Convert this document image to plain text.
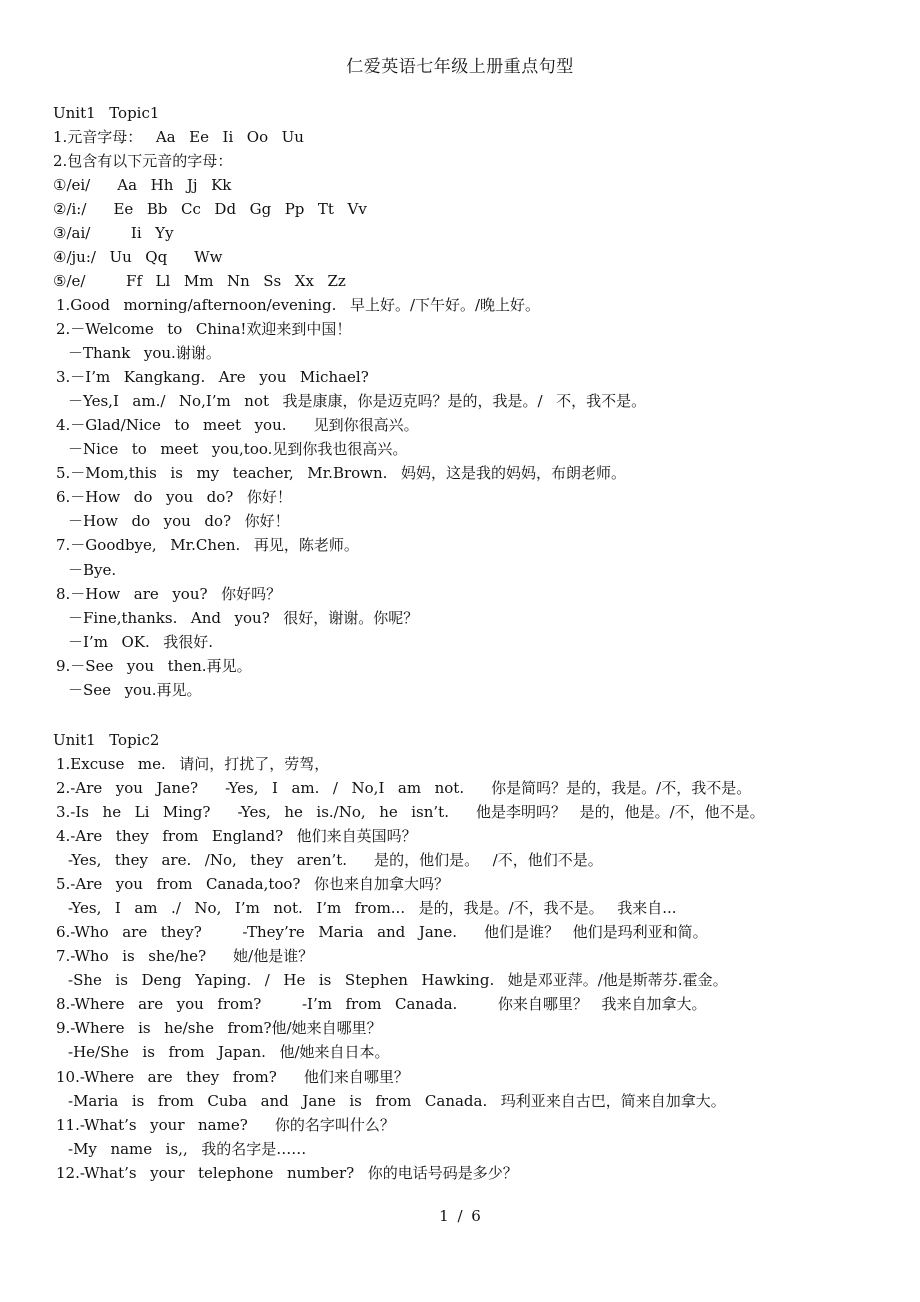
仁爱英语七年级上册重点句型
Unit1  Topic1
1.元音字母：  Aa  Ee  Ii  Oo  Uu
2.包含有以下元音的字母：
①/ei/    Aa  Hh  Jj  Kk
②/i:/    Ee  Bb  Cc  Dd  Gg  Pp  Tt  Vv
③/ai/      Ii  Yy
④/ju:/  Uu  Qq    Ww
⑤/e/      Ff  Ll  Mm  Nn  Ss  Xx  Zz
1.Good  morning/afternoon/evening.  早上好。/下午好。/晚上好。
2.－Welcome  to  China!欢迎来到中国！
－Thank  you.谢谢。
3.－I’m  Kangkang.  Are  you  Michael?
－Yes,I  am./  No,I’m  not  我是康康，你是迈克吗？是的，我是。/  不，我不是。
4.－Glad/Nice  to  meet  you.    见到你很高兴。
－Nice  to  meet  you,too.见到你我也很高兴。
5.－Mom,this  is  my  teacher,  Mr.Brown.  妈妈，这是我的妈妈，布朗老师。
6.－How  do  you  do?  你好！
－How  do  you  do?  你好！
7.－Goodbye,  Mr.Chen.  再见，陈老师。
－Bye.
8.－How  are  you?  你好吗？
－Fine,thanks.  And  you?  很好，谢谢。你呢？
－I’m  OK.  我很好.
9.－See  you  then.再见。
－See  you.再见。
Unit1  Topic2
1.Excuse  me.  请问，打扰了，劳驾，
2.-Are  you  Jane?    -Yes,  I  am.  /  No,I  am  not.    你是简吗？是的，我是。/不，我不是。
3.-Is  he  Li  Ming?    -Yes,  he  is./No,  he  isn’t.    他是李明吗？  是的，他是。/不，他不是。
4.-Are  they  from  England?  他们来自英国吗？
-Yes,  they  are.  /No,  they  aren’t.    是的，他们是。  /不，他们不是。
5.-Are  you  from  Canada,too?  你也来自加拿大吗？
-Yes,  I  am  ./  No,  I’m  not.  I’m  from...  是的，我是。/不，我不是。  我来自...
6.-Who  are  they?      -They’re  Maria  and  Jane.    他们是谁？  他们是玛利亚和简。
7.-Who  is  she/he?    她/他是谁？
-She  is  Deng  Yaping.  /  He  is  Stephen  Hawking.  她是邓亚萍。/他是斯蒂芬.霍金。
8.-Where  are  you  from?      -I’m  from  Canada.      你来自哪里？  我来自加拿大。
9.-Where  is  he/she  from?他/她来自哪里？
-He/She  is  from  Japan.  他/她来自日本。
10.-Where  are  they  from?    他们来自哪里？
-Maria  is  from  Cuba  and  Jane  is  from  Canada.  玛利亚来自古巴，简来自加拿大。
11.-What’s  your  name?    你的名字叫什么？
-My  name  is,,  我的名字是……
12.-What’s  your  telephone  number?  你的电话号码是多少？
1 / 6
